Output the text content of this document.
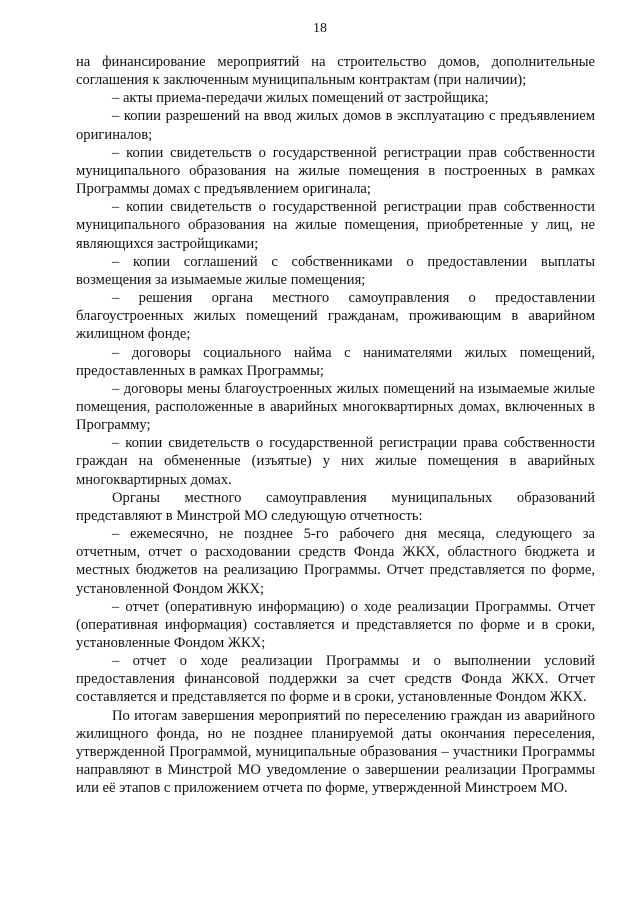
18

на финансирование мероприятий на строительство домов, дополнительные соглашения к заключенным муниципальным контрактам (при наличии);

– акты приема-передачи жилых помещений от застройщика;

– копии разрешений на ввод жилых домов в эксплуатацию с предъявлением оригиналов;

– копии свидетельств о государственной регистрации прав собственности муниципального образования на жилые помещения в построенных в рамках Программы домах с предъявлением оригинала;

– копии свидетельств о государственной регистрации прав собственности муниципального образования на жилые помещения, приобретенные у лиц, не являющихся застройщиками;

– копии соглашений с собственниками о предоставлении выплаты возмещения за изымаемые жилые помещения;

– решения органа местного самоуправления о предоставлении благоустроенных жилых помещений гражданам, проживающим в аварийном жилищном фонде;

– договоры социального найма с нанимателями жилых помещений, предоставленных в рамках Программы;

– договоры мены благоустроенных жилых помещений на изымаемые жилые помещения, расположенные в аварийных многоквартирных домах, включенных в Программу;

– копии свидетельств о государственной регистрации права собственности граждан на обмененные (изъятые) у них жилые помещения в аварийных многоквартирных домах.

Органы местного самоуправления муниципальных образований представляют в Минстрой МО следующую отчетность:

– ежемесячно, не позднее 5-го рабочего дня месяца, следующего за отчетным, отчет о расходовании средств Фонда ЖКХ, областного бюджета и местных бюджетов на реализацию Программы. Отчет представляется по форме, установленной Фондом ЖКХ;

– отчет (оперативную информацию) о ходе реализации Программы. Отчет (оперативная информация) составляется и представляется по форме и в сроки, установленные Фондом ЖКХ;

– отчет о ходе реализации Программы и о выполнении условий предоставления финансовой поддержки за счет средств Фонда ЖКХ. Отчет составляется и представляется по форме и в сроки, установленные Фондом ЖКХ.

По итогам завершения мероприятий по переселению граждан из аварийного жилищного фонда, но не позднее планируемой даты окончания переселения, утвержденной Программой, муниципальные образования – участники Программы направляют в Минстрой МО уведомление о завершении реализации Программы или её этапов с приложением отчета по форме, утвержденной Минстроем МО.
